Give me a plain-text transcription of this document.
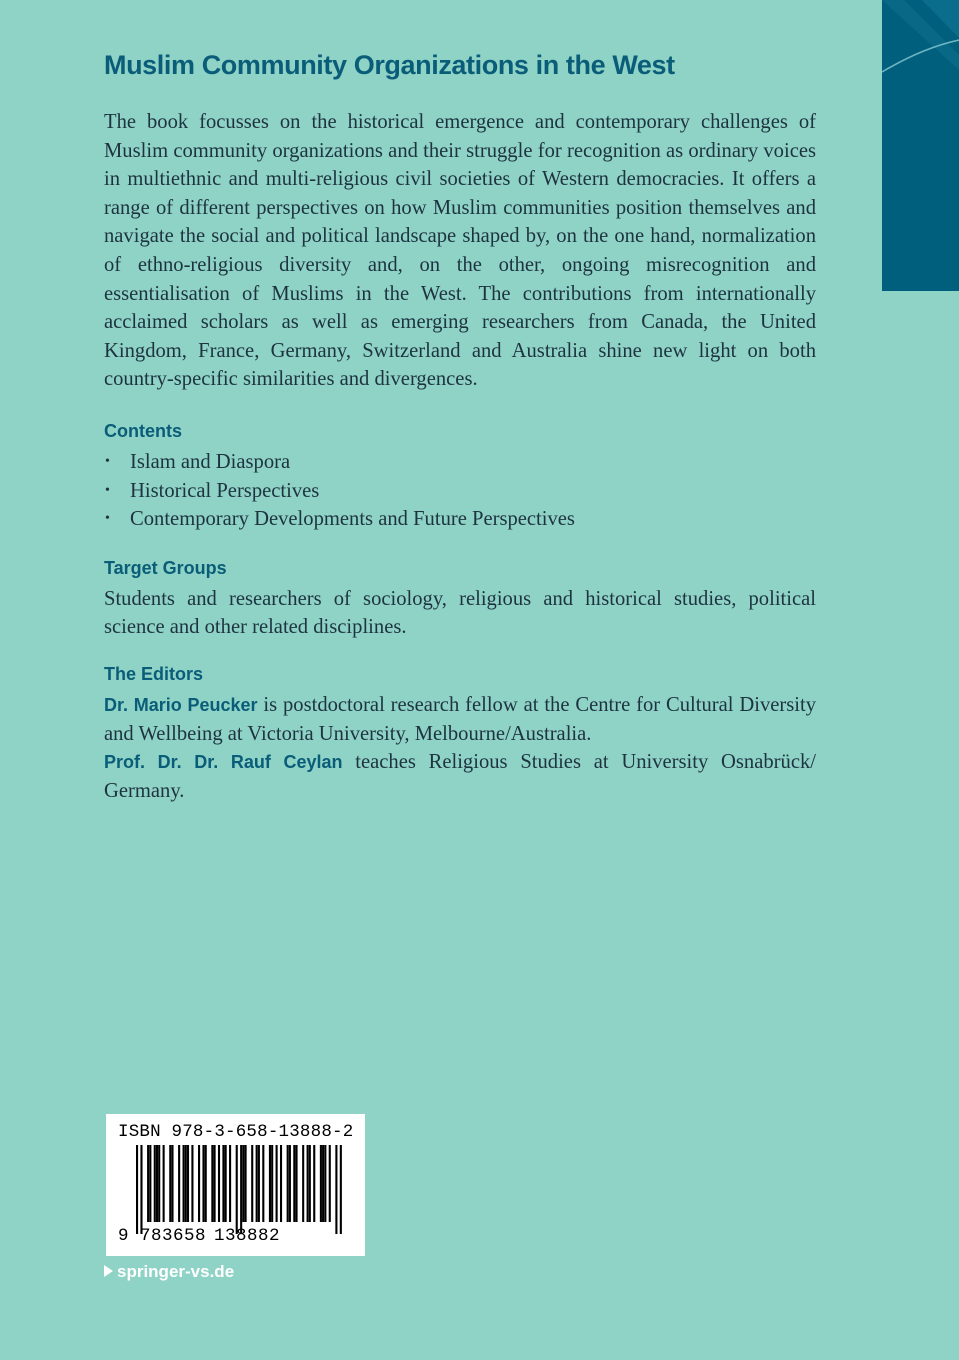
Muslim Community Organizations in the West

The book focusses on the historical emergence and contemporary challenges of Muslim community organizations and their struggle for recognition as ordinary voices in multiethnic and multi-religious civil societies of Western democracies. It offers a range of different perspectives on how Muslim communities position themselves and navigate the social and political landscape shaped by, on the one hand, normalization of ethno-religious diversity and, on the other, ongoing misrecognition and essentialisation of Muslims in the West. The contributions from internationally acclaimed scholars as well as emerging researchers from Canada, the United Kingdom, France, Germany, Switzerland and Australia shine new light on both country-specific similarities and divergences.

Contents
• Islam and Diaspora
• Historical Perspectives
• Contemporary Developments and Future Perspectives
Target Groups

Students and researchers of sociology, religious and historical studies, political science and other related disciplines.

The Editors

Dr. Mario Peucker is postdoctoral research fellow at the Centre for Cultural Diversity and Wellbeing at Victoria University, Melbourne/Australia.

Prof. Dr. Dr. Rauf Ceylan teaches Religious Studies at University Osnabrück/​Germany.

ISBN 978-3-658-13888-2
9 783658 138882
springer-vs.de
